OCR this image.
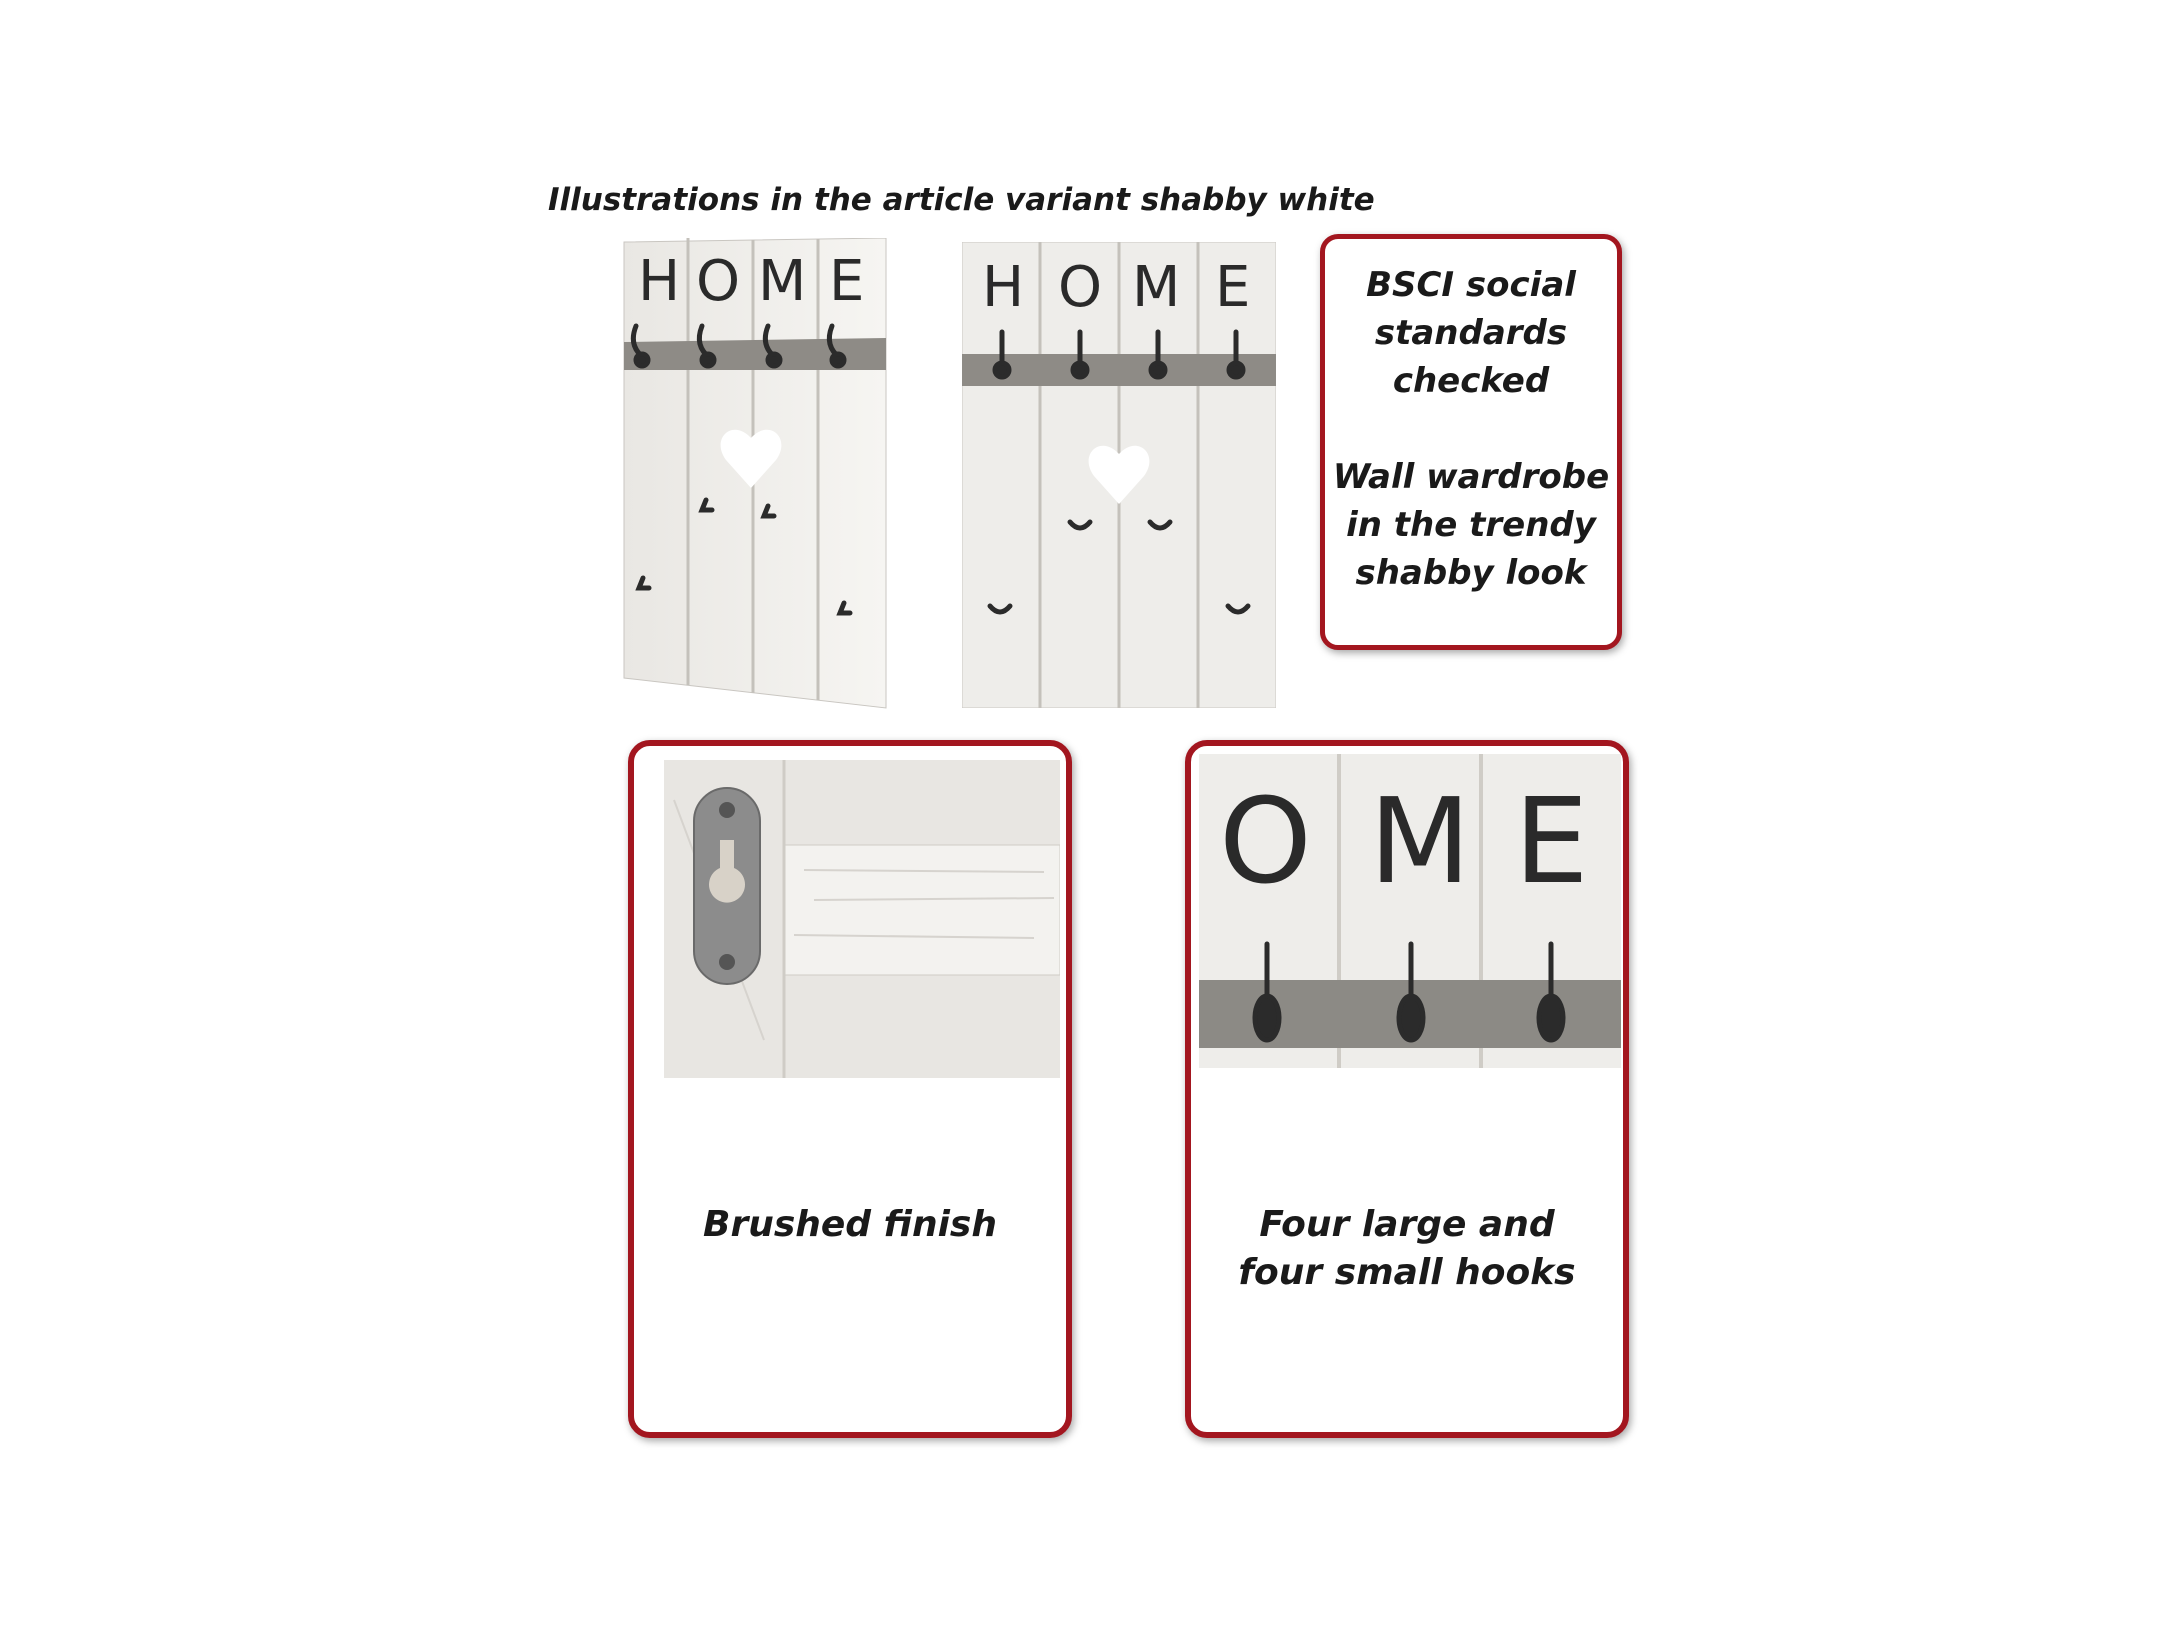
Illustrations in the article variant shabby white
H O M E H O M E	BSCI social
standards
checked
Wall wardrobe
in the trendy
shabby look
Brushed finish
O M E
Four large and
four small hooks
